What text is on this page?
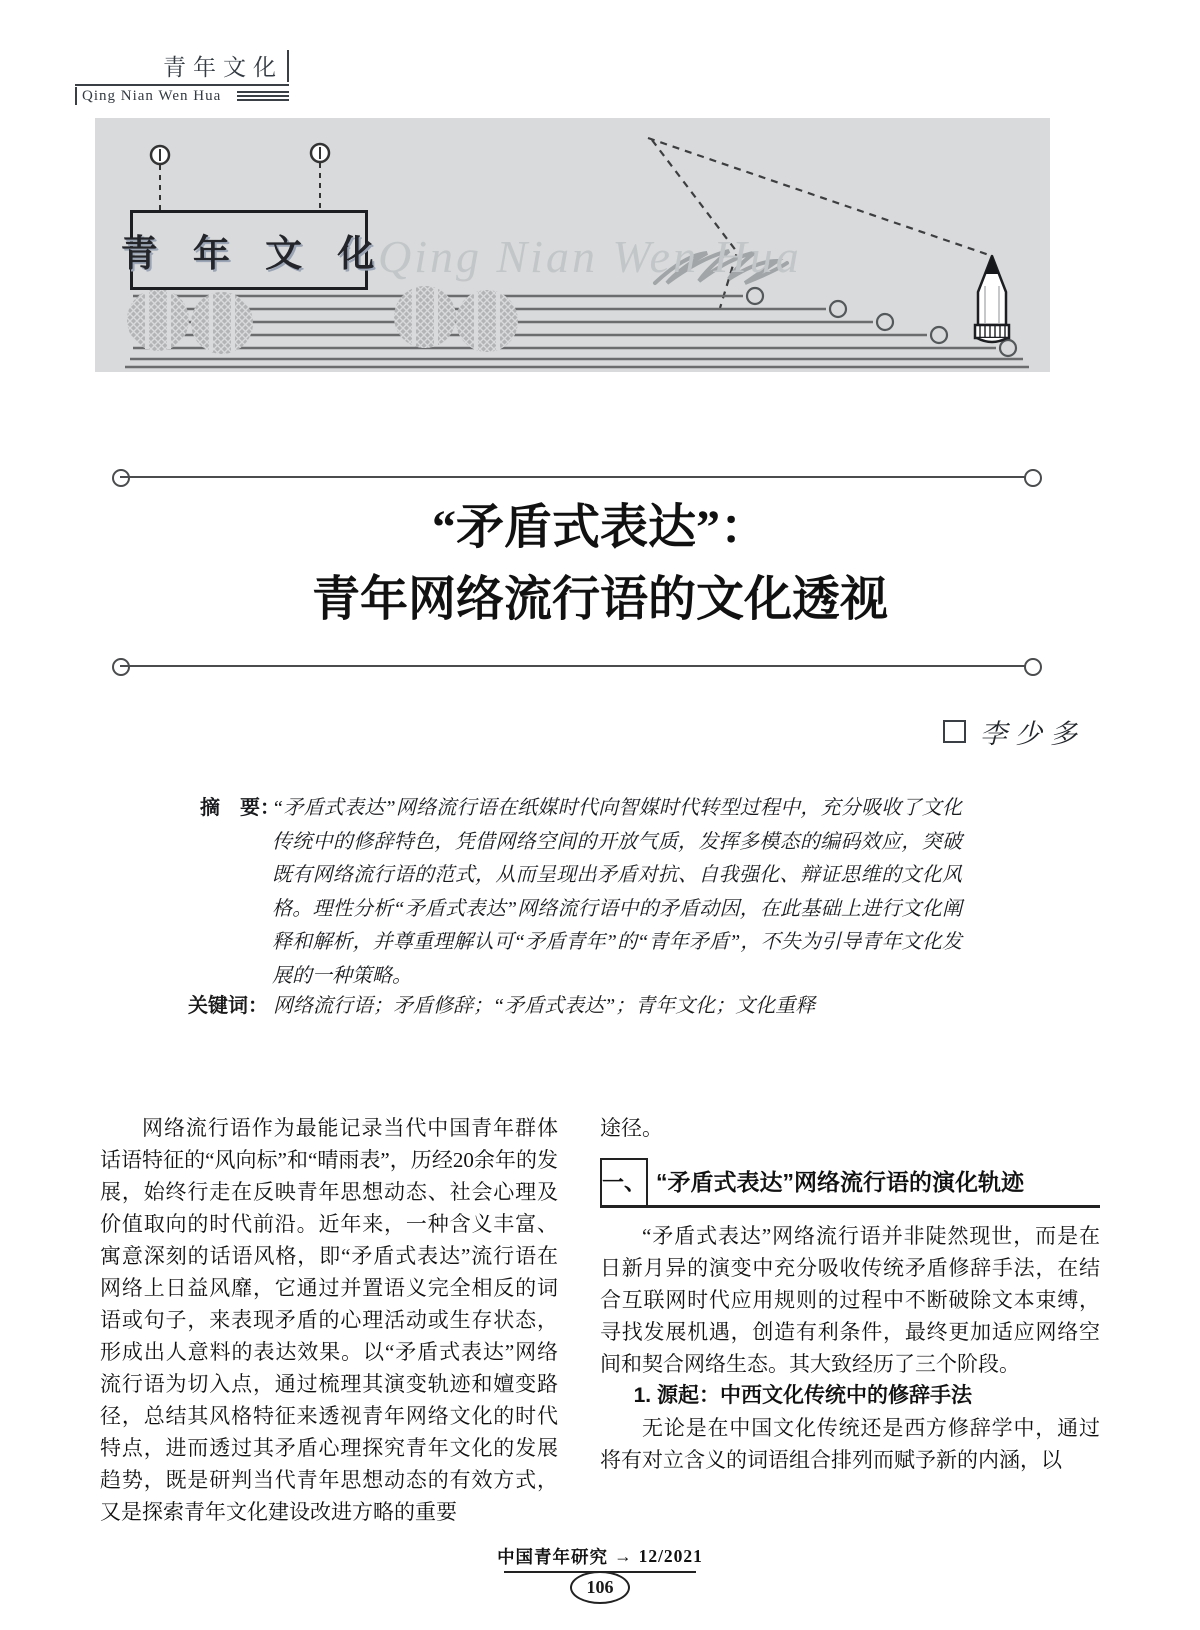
青年文化
Qing Nian Wen Hua
Qing Nian Wen Hua
青 年 文 化
“矛盾式表达”：
青年网络流行语的文化透视
李少多
摘　要：
“矛盾式表达”网络流行语在纸媒时代向智媒时代转型过程中，充分吸收了文化传统中的修辞特色，凭借网络空间的开放气质，发挥多模态的编码效应，突破既有网络流行语的范式，从而呈现出矛盾对抗、自我强化、辩证思维的文化风格。理性分析“矛盾式表达”网络流行语中的矛盾动因，在此基础上进行文化阐释和解析，并尊重理解认可“矛盾青年”的“青年矛盾”，不失为引导青年文化发展的一种策略。
关键词： 网络流行语；矛盾修辞；“矛盾式表达”；青年文化；文化重释

网络流行语作为最能记录当代中国青年群体话语特征的“风向标”和“晴雨表”，历经20余年的发展，始终行走在反映青年思想动态、社会心理及价值取向的时代前沿。近年来，一种含义丰富、寓意深刻的话语风格，即“矛盾式表达”流行语在网络上日益风靡，它通过并置语义完全相反的词语或句子，来表现矛盾的心理活动或生存状态，形成出人意料的表达效果。以“矛盾式表达”网络流行语为切入点，通过梳理其演变轨迹和嬗变路径，总结其风格特征来透视青年网络文化的时代特点，进而透过其矛盾心理探究青年文化的发展趋势，既是研判当代青年思想动态的有效方式，又是探索青年文化建设改进方略的重要

途径。

一、 “矛盾式表达”网络流行语的演化轨迹

“矛盾式表达”网络流行语并非陡然现世，而是在日新月异的演变中充分吸收传统矛盾修辞手法，在结合互联网时代应用规则的过程中不断破除文本束缚，寻找发展机遇，创造有利条件，最终更加适应网络空间和契合网络生态。其大致经历了三个阶段。

1. 源起：中西文化传统中的修辞手法

无论是在中国文化传统还是西方修辞学中，通过将有对立含义的词语组合排列而赋予新的内涵，以

中国青年研究 → 12/2021
106
